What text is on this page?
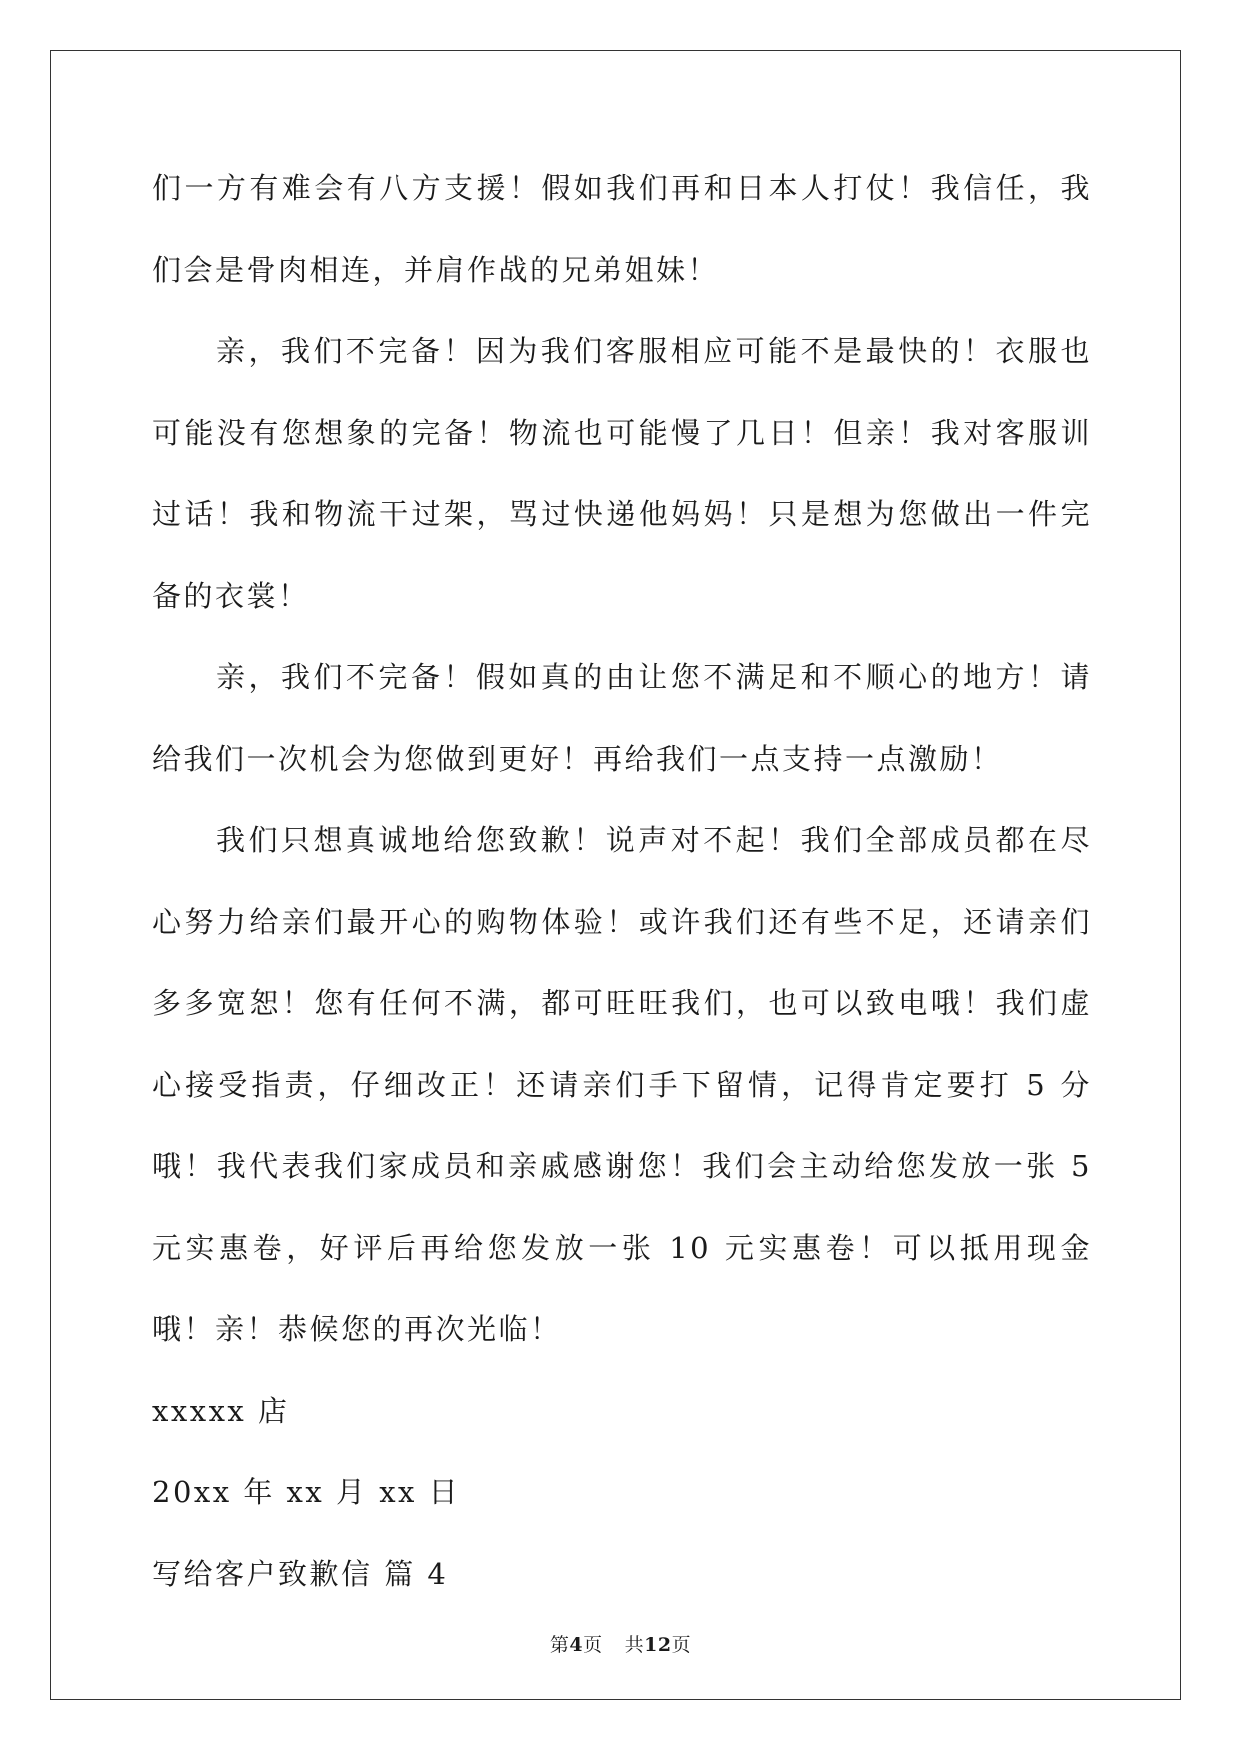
们一方有难会有八方支援！假如我们再和日本人打仗！我信任，我们会是骨肉相连，并肩作战的兄弟姐妹！

亲，我们不完备！因为我们客服相应可能不是最快的！衣服也可能没有您想象的完备！物流也可能慢了几日！但亲！我对客服训过话！我和物流干过架，骂过快递他妈妈！只是想为您做出一件完备的衣裳！

亲，我们不完备！假如真的由让您不满足和不顺心的地方！请给我们一次机会为您做到更好！再给我们一点支持一点激励！

我们只想真诚地给您致歉！说声对不起！我们全部成员都在尽心努力给亲们最开心的购物体验！或许我们还有些不足，还请亲们多多宽恕！您有任何不满，都可旺旺我们，也可以致电哦！我们虚心接受指责，仔细改正！还请亲们手下留情，记得肯定要打 5 分哦！我代表我们家成员和亲戚感谢您！我们会主动给您发放一张 5 元实惠卷，好评后再给您发放一张 10 元实惠卷！可以抵用现金哦！亲！恭候您的再次光临！

xxxxx 店

20xx 年 xx 月 xx 日

写给客户致歉信 篇 4

第4页 共12页
